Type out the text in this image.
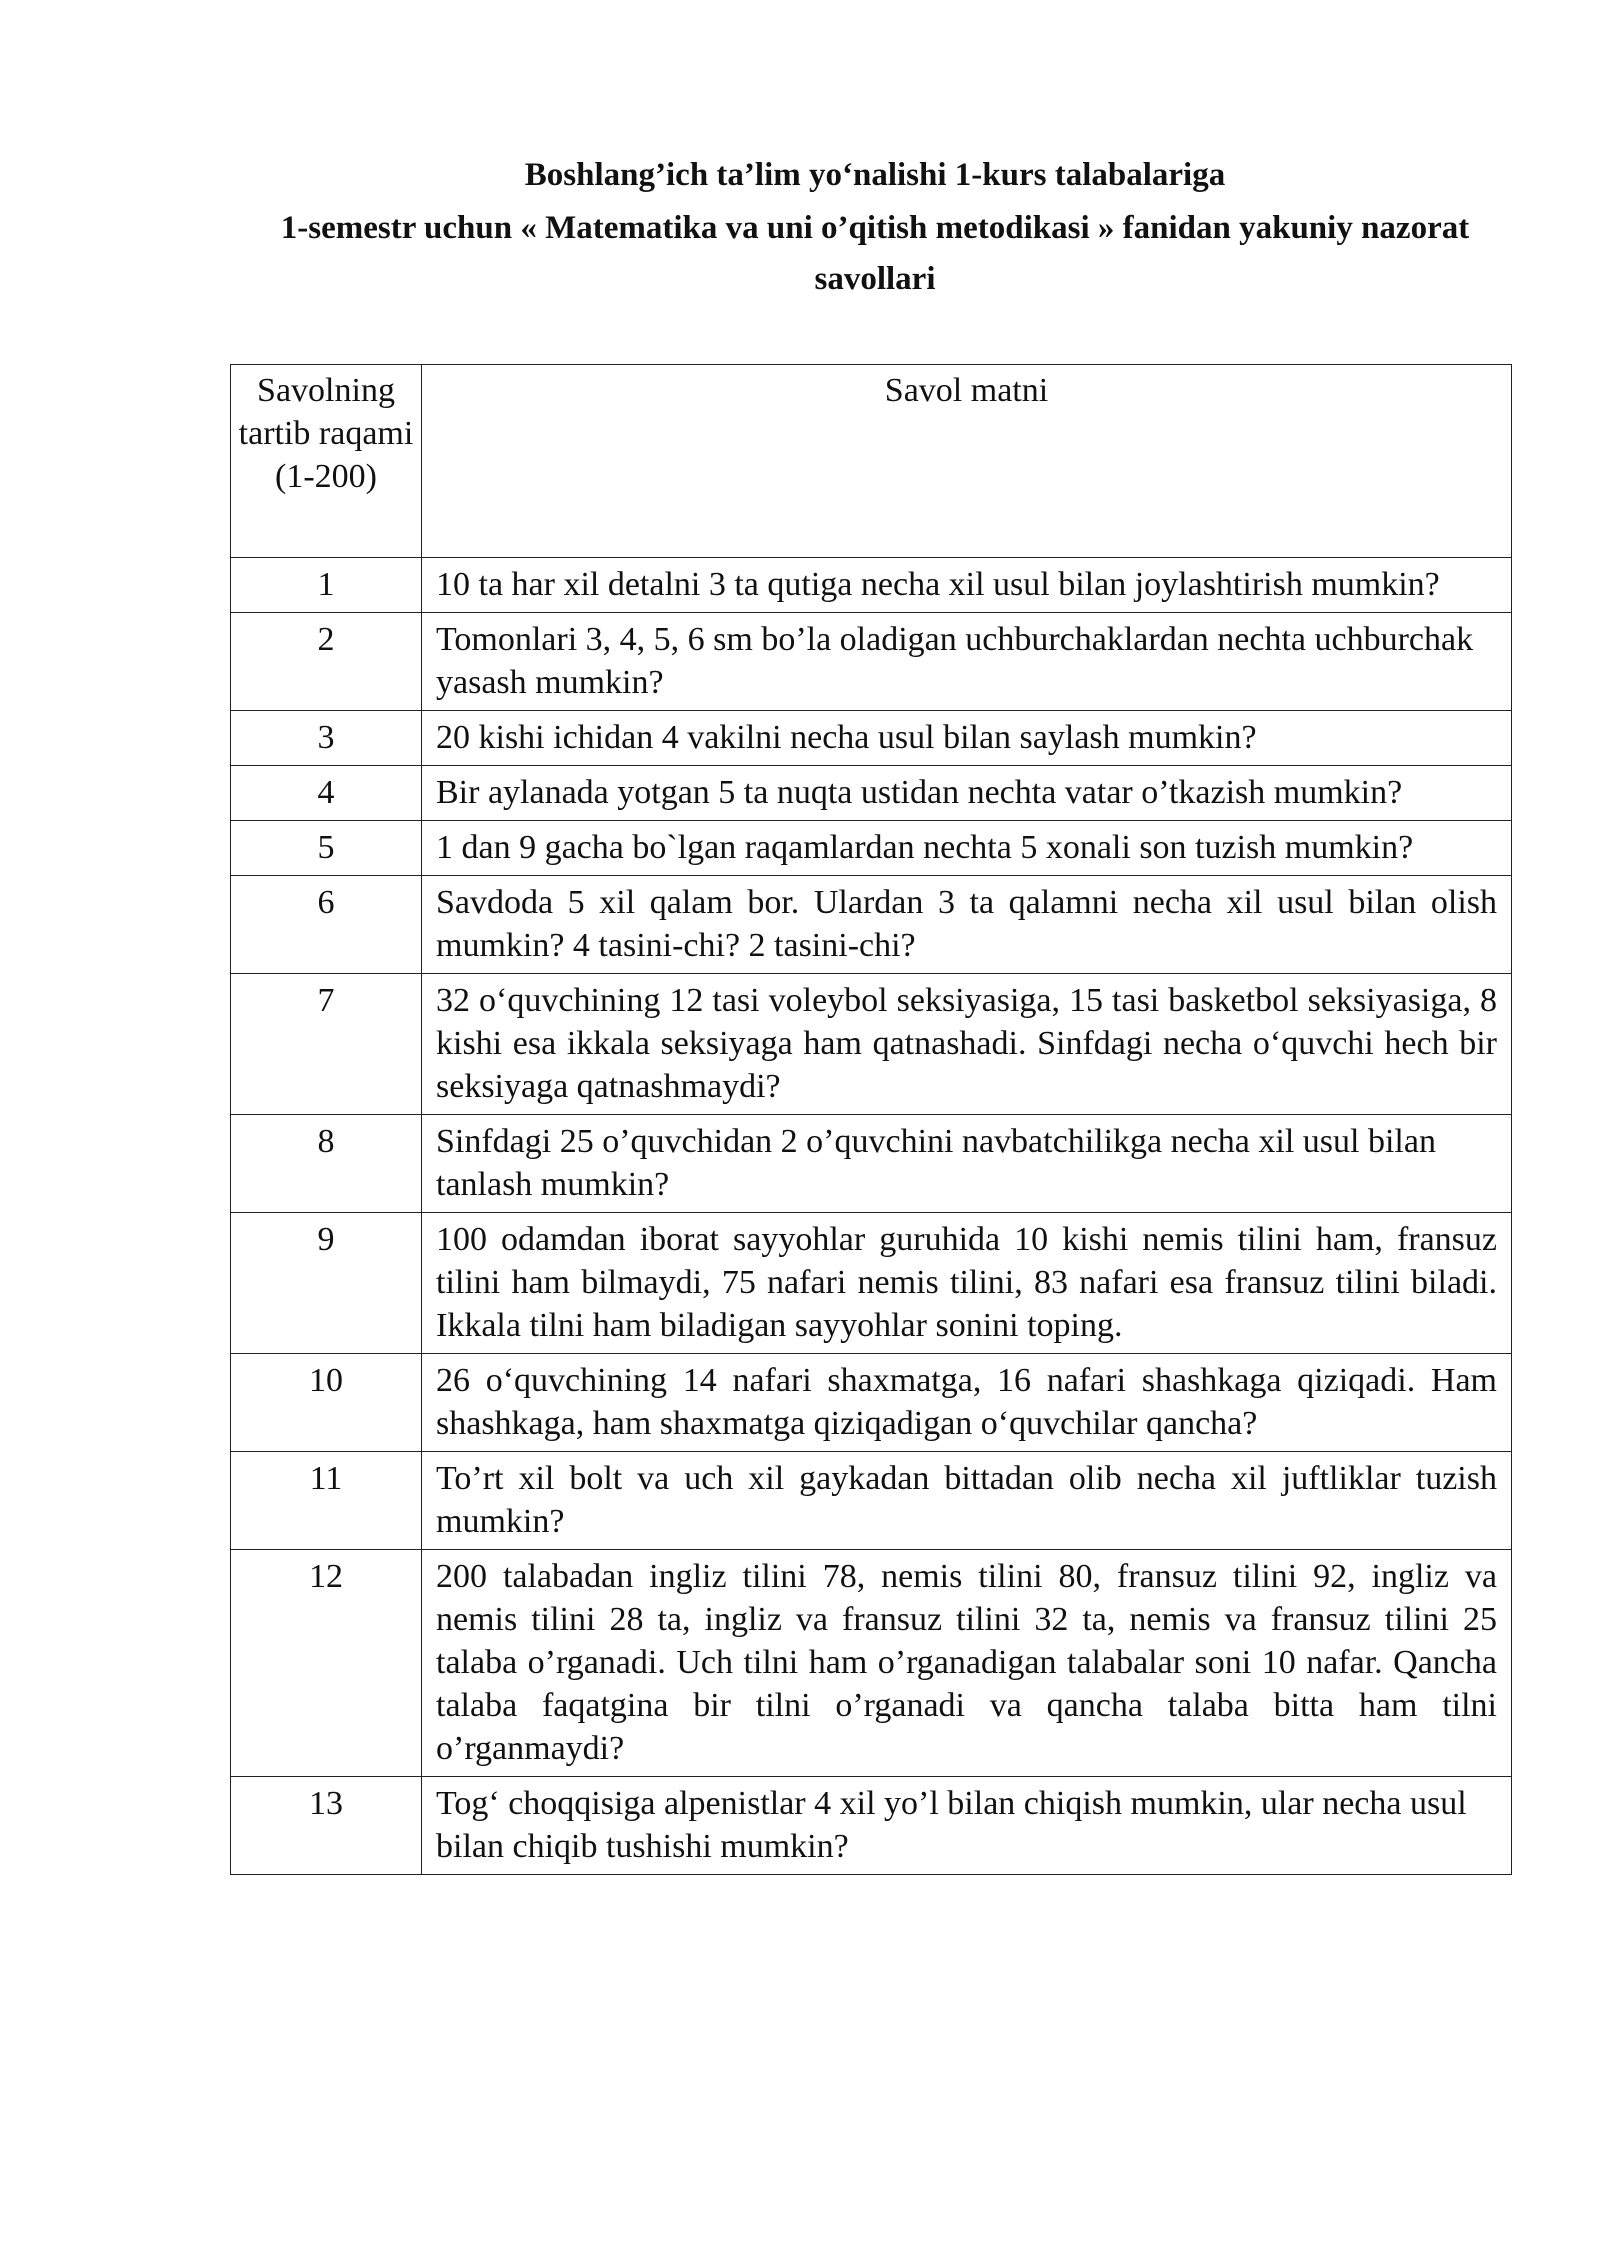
Boshlang’ich ta’lim yo‘nalishi 1-kurs talabalariga
1-semestr uchun « Matematika va uni o’qitish metodikasi » fanidan yakuniy nazorat savollari
Savolning tartib raqami (1-200)	Savol matni
1	10 ta har xil detalni 3 ta qutiga necha xil usul bilan joylashtirish mumkin?
2	Tomonlari 3, 4, 5, 6 sm bo’la oladigan uchburchaklardan nechta uchburchak yasash mumkin?
3	20 kishi ichidan 4 vakilni necha usul bilan saylash mumkin?
4	Bir aylanada yotgan 5 ta nuqta ustidan nechta vatar o’tkazish mumkin?
5	1 dan 9 gacha bo`lgan raqamlardan nechta 5 xonali son tuzish mumkin?
6	Savdoda 5 xil qalam bor. Ulardan 3 ta qalamni necha xil usul bilan olish mumkin? 4 tasini-chi? 2 tasini-chi?
7	32 o‘quvchining 12 tasi voleybol seksiyasiga, 15 tasi basketbol seksiyasiga, 8 kishi esa ikkala seksiyaga ham qatnashadi. Sinfdagi necha o‘quvchi hech bir seksiyaga qatnashmaydi?
8	Sinfdagi 25 o’quvchidan 2 o’quvchini navbatchilikga necha xil usul bilan tanlash mumkin?
9	100 odamdan iborat sayyohlar guruhida 10 kishi nemis tilini ham, fransuz tilini ham bilmaydi, 75 nafari nemis tilini, 83 nafari esa fransuz tilini biladi. Ikkala tilni ham biladigan sayyohlar sonini toping.
10	26 o‘quvchining 14 nafari shaxmatga, 16 nafari shashkaga qiziqadi. Ham shashkaga, ham shaxmatga qiziqadigan o‘quvchilar qancha?
11	To’rt xil bolt va uch xil gaykadan bittadan olib necha xil juftliklar tuzish mumkin?
12	200 talabadan ingliz tilini 78, nemis tilini 80, fransuz tilini 92, ingliz va nemis tilini 28 ta, ingliz va fransuz tilini 32 ta, nemis va fransuz tilini 25 talaba o’rganadi. Uch tilni ham o’rganadigan talabalar soni 10 nafar. Qancha talaba faqatgina bir tilni o’rganadi va qancha talaba bitta ham tilni o’rganmaydi?
13	Tog‘ choqqisiga alpenistlar 4 xil yo’l bilan chiqish mumkin, ular necha usul bilan chiqib tushishi mumkin?
